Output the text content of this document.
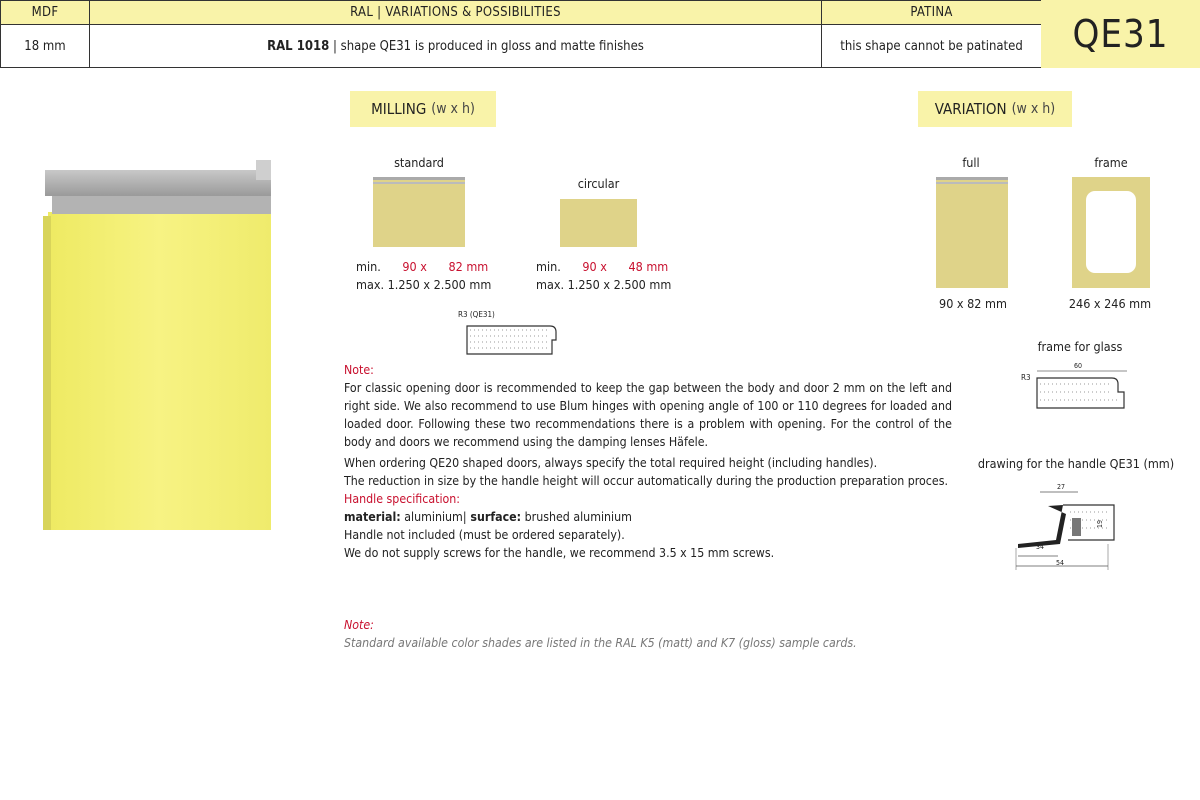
MDF	RAL | VARIATIONS & POSSIBILITIES	PATINA
18 mm	RAL 1018 | shape QE31 is produced in gloss and matte finishes	this shape cannot be patinated	QE31
MILLING (w x h)
standard
min. 90 x 82 mm
max. 1.250 x 2.500 mm
circular
min. 90 x 48 mm
max. 1.250 x 2.500 mm
R3 (QE31)
VARIATION (w x h)
full
90 x 82 mm
frame
246 x 246 mm
frame for glass
R3
60
drawing for the handle QE31 (mm)
27
19
34
54
Note:
For classic opening door is recommended to keep the gap between the body and door 2 mm on the left and right side. We also recommend to use Blum hinges with opening angle of 100 or 110 degrees for loaded and loaded door. Following these two recommendations there is a problem with opening. For the control of the body and doors we recommend using the damping lenses Häfele.
When ordering QE20 shaped doors, always specify the total required height (including handles).
The reduction in size by the handle height will occur automatically during the production preparation proces.
Handle specification:
material: aluminium| surface: brushed aluminium
Handle not included (must be ordered separately).
We do not supply screws for the handle, we recommend 3.5 x 15 mm screws.
Note:
Standard available color shades are listed in the RAL K5 (matt) and K7 (gloss) sample cards.
